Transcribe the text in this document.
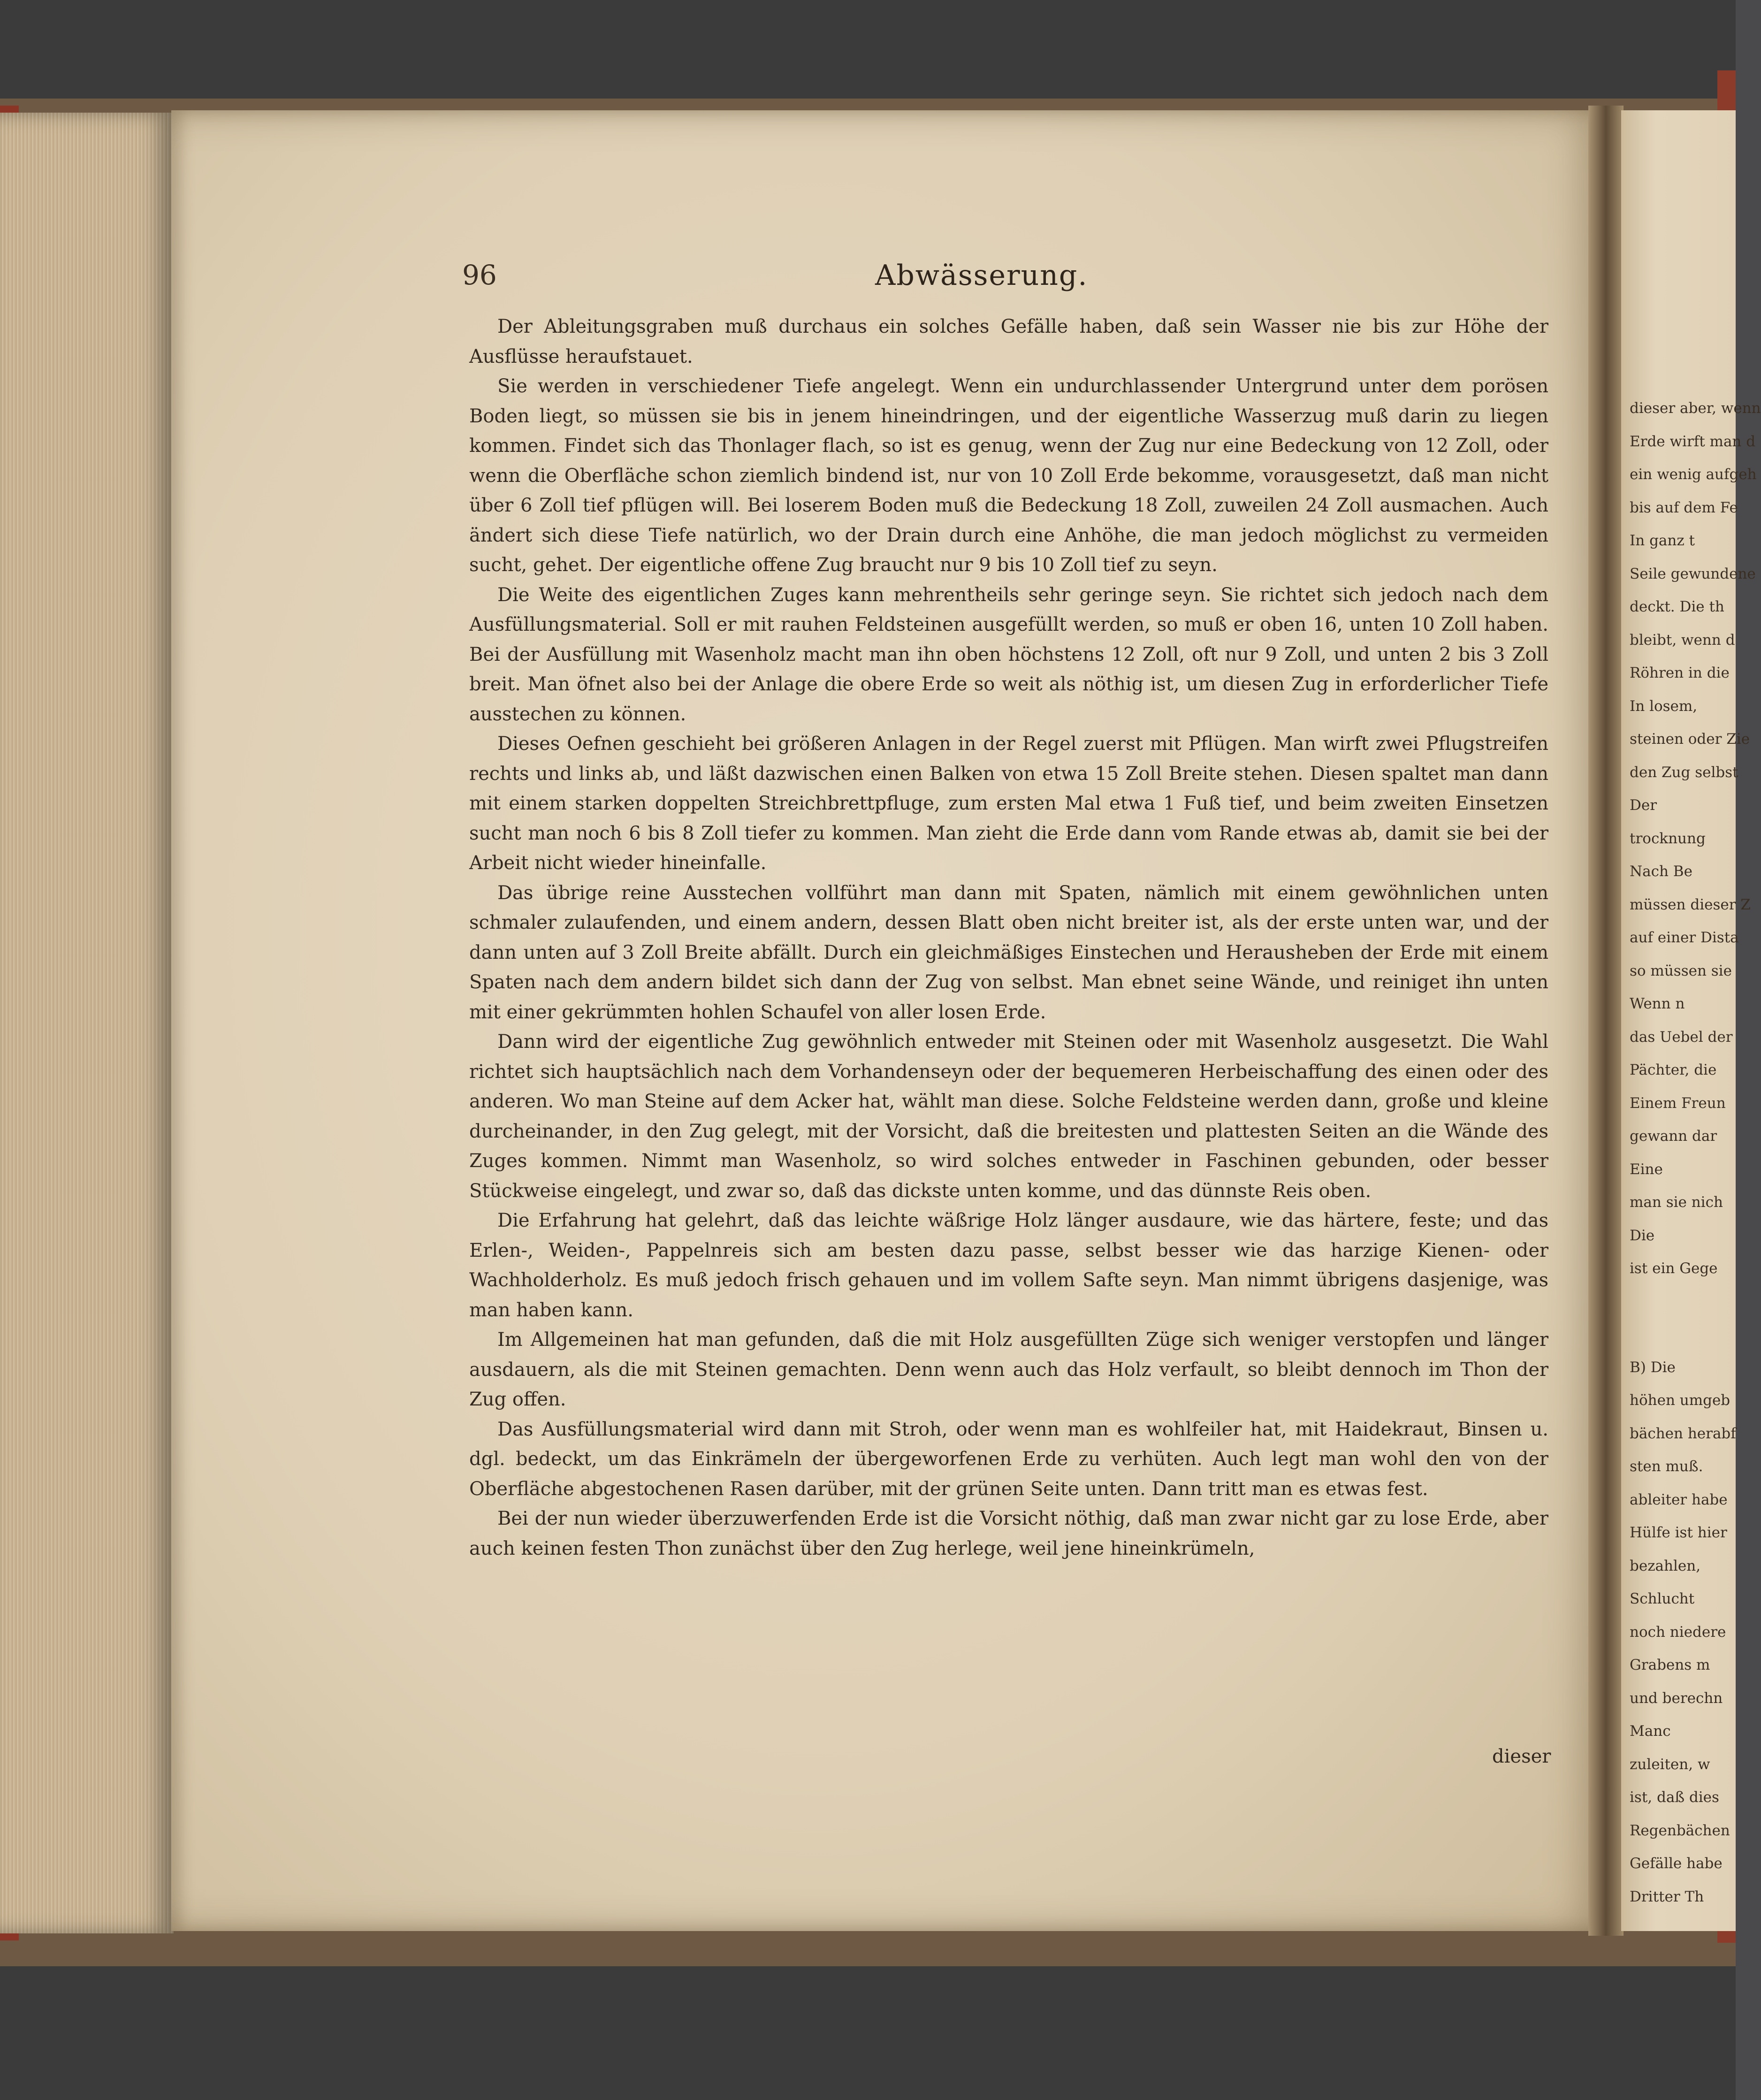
dieser aber, wenn
Erde wirft man d
ein wenig aufgeh
bis auf dem Fe
In ganz t
Seile gewundene
deckt. Die th
bleibt, wenn d
Röhren in die
In losem,
steinen oder Zie
den Zug selbst
Der
trocknung
Nach Be
müssen dieser Z
auf einer Dista
so müssen sie
Wenn n
das Uebel der
Pächter, die
Einem Freun
gewann dar
Eine
man sie nich
Die
ist ein Gege
B) Die
höhen umgeb
bächen herabf
sten muß.
ableiter habe
Hülfe ist hier
bezahlen,
Schlucht
noch niedere
Grabens m
und berechn
Manc
zuleiten, w
ist, daß dies
Regenbächen
Gefälle habe
Dritter Th
96	Abwässerung.

Der Ableitungsgraben muß durchaus ein solches Gefälle haben, daß sein Wasser nie bis zur Höhe der Ausflüsse heraufstauet.

Sie werden in verschiedener Tiefe angelegt. Wenn ein undurchlassender Untergrund unter dem porösen Boden liegt, so müssen sie bis in jenem hineindringen, und der eigentliche Wasserzug muß darin zu liegen kommen. Findet sich das Thonlager flach, so ist es genug, wenn der Zug nur eine Bedeckung von 12 Zoll, oder wenn die Oberfläche schon ziemlich bindend ist, nur von 10 Zoll Erde bekomme, vorausgesetzt, daß man nicht über 6 Zoll tief pflügen will. Bei loserem Boden muß die Bedeckung 18 Zoll, zuweilen 24 Zoll ausmachen. Auch ändert sich diese Tiefe natürlich, wo der Drain durch eine Anhöhe, die man jedoch möglichst zu vermeiden sucht, gehet. Der eigentliche offene Zug braucht nur 9 bis 10 Zoll tief zu seyn.

Die Weite des eigentlichen Zuges kann mehrentheils sehr geringe seyn. Sie richtet sich jedoch nach dem Ausfüllungsmaterial. Soll er mit rauhen Feldsteinen ausgefüllt werden, so muß er oben 16, unten 10 Zoll haben. Bei der Ausfüllung mit Wasenholz macht man ihn oben höchstens 12 Zoll, oft nur 9 Zoll, und unten 2 bis 3 Zoll breit. Man öfnet also bei der Anlage die obere Erde so weit als nöthig ist, um diesen Zug in erforderlicher Tiefe ausstechen zu können.

Dieses Oefnen geschieht bei größeren Anlagen in der Regel zuerst mit Pflügen. Man wirft zwei Pflugstreifen rechts und links ab, und läßt dazwischen einen Balken von etwa 15 Zoll Breite stehen. Diesen spaltet man dann mit einem starken doppelten Streichbrettpfluge, zum ersten Mal etwa 1 Fuß tief, und beim zweiten Einsetzen sucht man noch 6 bis 8 Zoll tiefer zu kommen. Man zieht die Erde dann vom Rande etwas ab, damit sie bei der Arbeit nicht wieder hineinfalle.

Das übrige reine Ausstechen vollführt man dann mit Spaten, nämlich mit einem gewöhnlichen unten schmaler zulaufenden, und einem andern, dessen Blatt oben nicht breiter ist, als der erste unten war, und der dann unten auf 3 Zoll Breite abfällt. Durch ein gleichmäßiges Einstechen und Herausheben der Erde mit einem Spaten nach dem andern bildet sich dann der Zug von selbst. Man ebnet seine Wände, und reiniget ihn unten mit einer gekrümmten hohlen Schaufel von aller losen Erde.

Dann wird der eigentliche Zug gewöhnlich entweder mit Steinen oder mit Wasenholz ausgesetzt. Die Wahl richtet sich hauptsächlich nach dem Vorhandenseyn oder der bequemeren Herbeischaffung des einen oder des anderen. Wo man Steine auf dem Acker hat, wählt man diese. Solche Feldsteine werden dann, große und kleine durcheinander, in den Zug gelegt, mit der Vorsicht, daß die breitesten und plattesten Seiten an die Wände des Zuges kommen. Nimmt man Wasenholz, so wird solches entweder in Faschinen gebunden, oder besser Stückweise eingelegt, und zwar so, daß das dickste unten komme, und das dünnste Reis oben.

Die Erfahrung hat gelehrt, daß das leichte wäßrige Holz länger ausdaure, wie das härtere, feste; und das Erlen-, Weiden-, Pappelnreis sich am besten dazu passe, selbst besser wie das harzige Kienen- oder Wachholderholz. Es muß jedoch frisch gehauen und im vollem Safte seyn. Man nimmt übrigens dasjenige, was man haben kann.

Im Allgemeinen hat man gefunden, daß die mit Holz ausgefüllten Züge sich weniger verstopfen und länger ausdauern, als die mit Steinen gemachten. Denn wenn auch das Holz verfault, so bleibt dennoch im Thon der Zug offen.

Das Ausfüllungsmaterial wird dann mit Stroh, oder wenn man es wohlfeiler hat, mit Haidekraut, Binsen u. dgl. bedeckt, um das Einkrämeln der übergeworfenen Erde zu verhüten. Auch legt man wohl den von der Oberfläche abgestochenen Rasen darüber, mit der grünen Seite unten. Dann tritt man es etwas fest.

Bei der nun wieder überzuwerfenden Erde ist die Vorsicht nöthig, daß man zwar nicht gar zu lose Erde, aber auch keinen festen Thon zunächst über den Zug herlege, weil jene hineinkrümeln,

dieser
